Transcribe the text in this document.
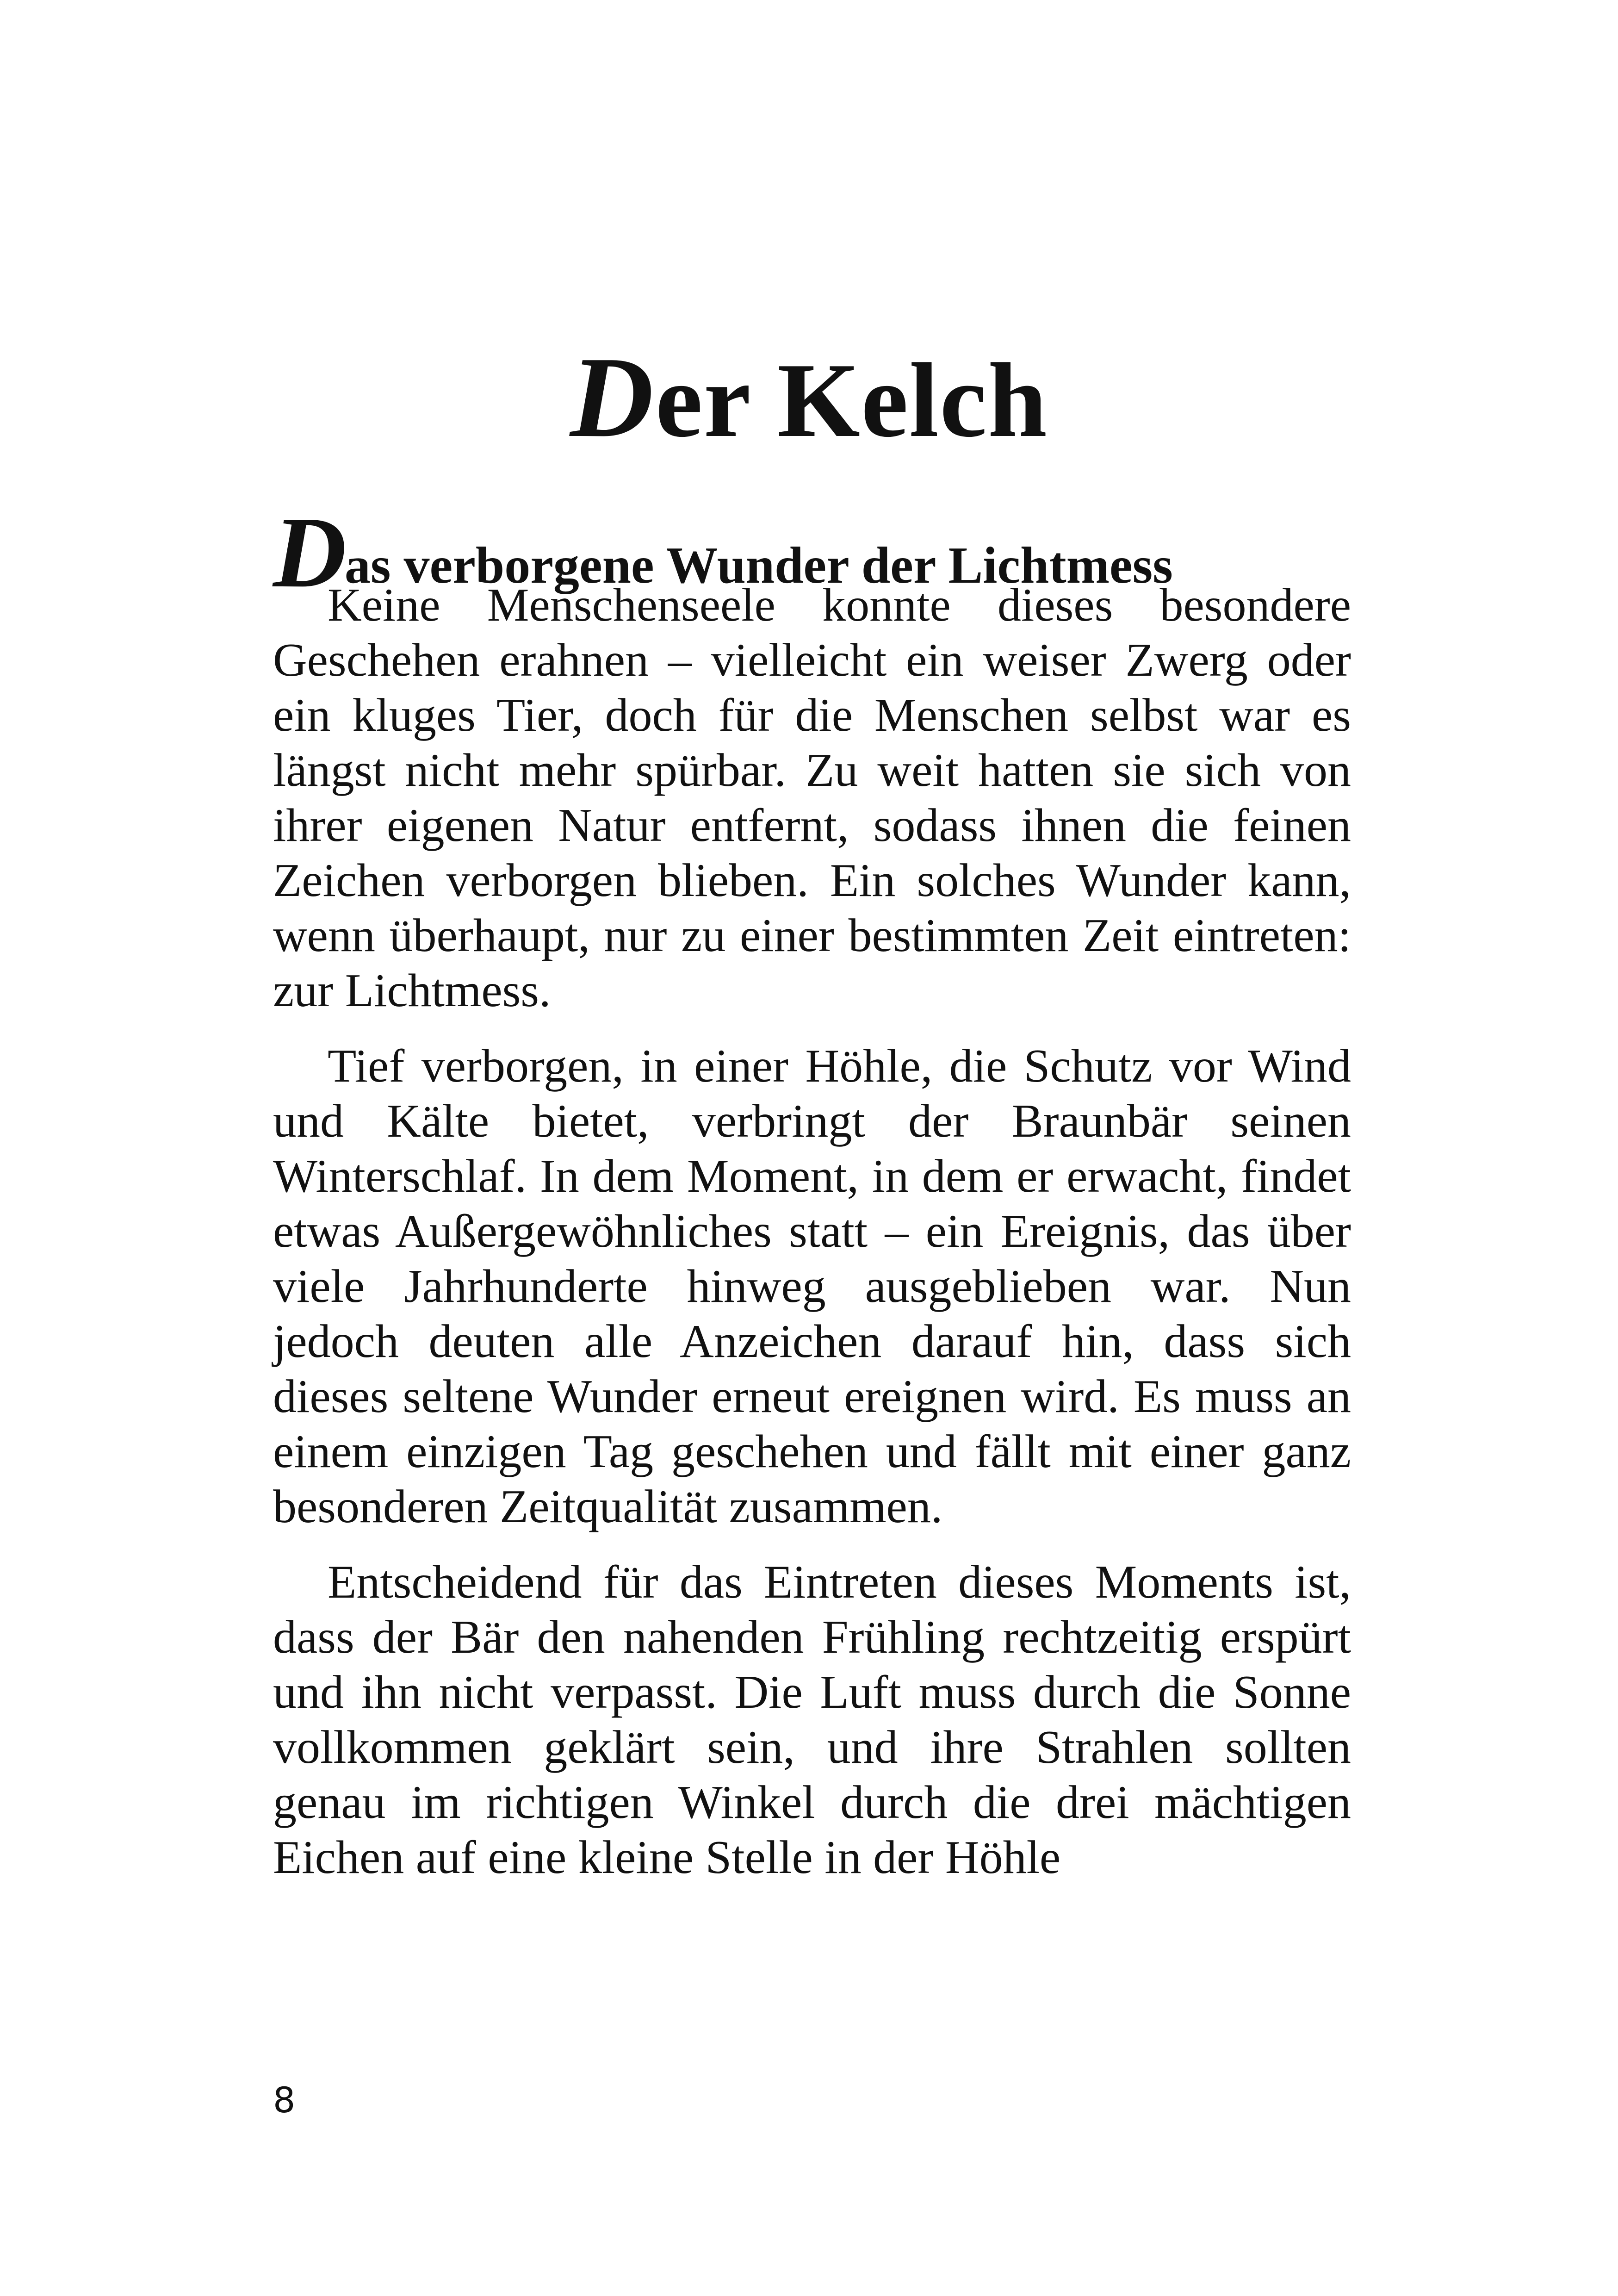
Der Kelch
Das verborgene Wunder der Lichtmess

Keine Menschenseele konnte dieses besondere Geschehen erahnen – vielleicht ein weiser Zwerg oder ein kluges Tier, doch für die Menschen selbst war es längst nicht mehr spürbar. Zu weit hatten sie sich von ihrer eigenen Natur entfernt, sodass ihnen die feinen Zeichen verborgen blieben. Ein solches Wunder kann, wenn überhaupt, nur zu einer bestimmten Zeit eintreten: zur Lichtmess.

Tief verborgen, in einer Höhle, die Schutz vor Wind und Kälte bietet, verbringt der Braunbär seinen Winterschlaf. In dem Moment, in dem er erwacht, findet etwas Außergewöhnliches statt – ein Ereignis, das über viele Jahrhunderte hinweg ausgeblieben war. Nun jedoch deuten alle Anzeichen darauf hin, dass sich dieses seltene Wunder erneut ereignen wird. Es muss an einem einzigen Tag geschehen und fällt mit einer ganz besonderen Zeitqualität zusammen.

Entscheidend für das Eintreten dieses Moments ist, dass der Bär den nahenden Frühling rechtzeitig erspürt und ihn nicht verpasst. Die Luft muss durch die Sonne vollkommen geklärt sein, und ihre Strahlen sollten genau im richtigen Winkel durch die drei mächtigen Eichen auf eine kleine Stelle in der Höhle

8
